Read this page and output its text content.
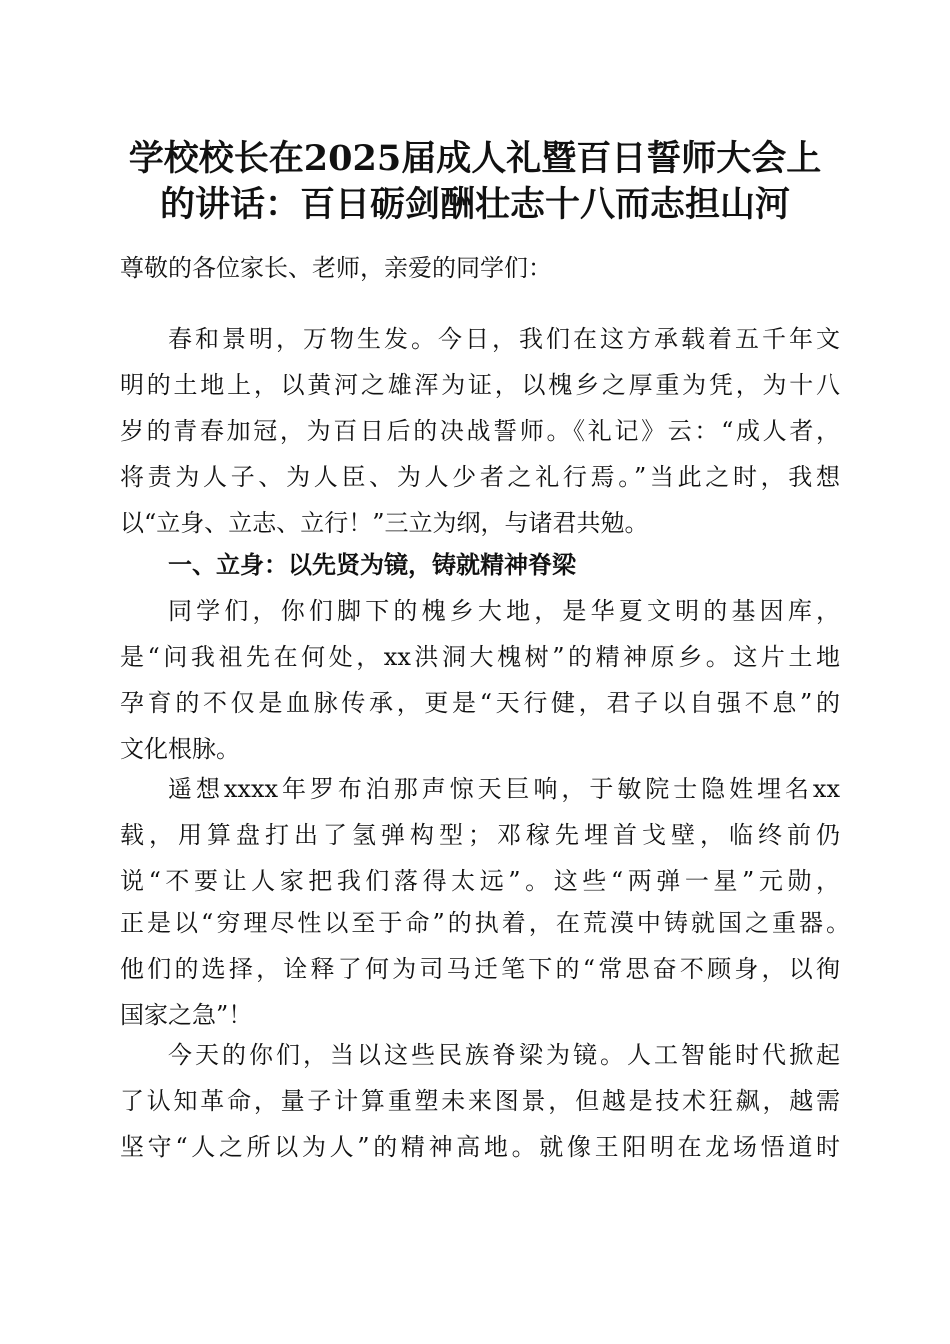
学校校长在2025届成人礼暨百日誓师大会上
的讲话：百日砺剑酬壮志十八而志担山河

尊敬的各位家长、老师，亲爱的同学们：

春和景明，万物生发。今日，我们在这方承载着五千年文

明的土地上，以黄河之雄浑为证，以槐乡之厚重为凭，为十八

岁的青春加冠，为百日后的决战誓师。《礼记》云：“成人者，

将责为人子、为人臣、为人少者之礼行焉。”当此之时，我想

以“立身、立志、立行！”三立为纲，与诸君共勉。

一、立身：以先贤为镜，铸就精神脊梁

同学们，你们脚下的槐乡大地，是华夏文明的基因库，

是“问我祖先在何处，xx洪洞大槐树”的精神原乡。这片土地

孕育的不仅是血脉传承，更是“天行健，君子以自强不息”的

文化根脉。

遥想xxxx年罗布泊那声惊天巨响，于敏院士隐姓埋名xx

载，用算盘打出了氢弹构型；邓稼先埋首戈壁，临终前仍

说“不要让人家把我们落得太远”。这些“两弹一星”元勋，

正是以“穷理尽性以至于命”的执着，在荒漠中铸就国之重器。

他们的选择，诠释了何为司马迁笔下的“常思奋不顾身，以徇

国家之急”！

今天的你们，当以这些民族脊梁为镜。人工智能时代掀起

了认知革命，量子计算重塑未来图景，但越是技术狂飙，越需

坚守“人之所以为人”的精神高地。就像王阳明在龙场悟道时
